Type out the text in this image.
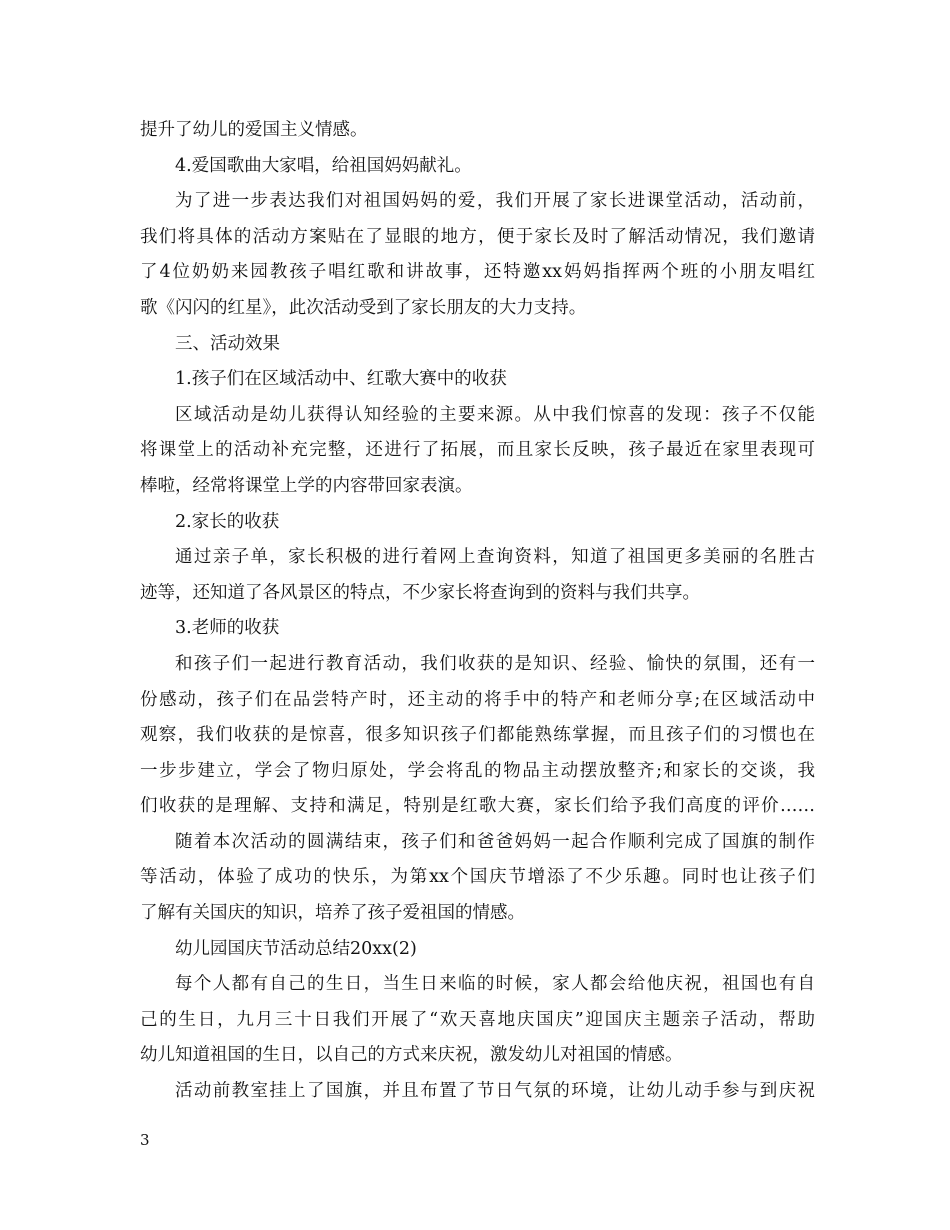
提升了幼儿的爱国主义情感。
4.爱国歌曲大家唱，给祖国妈妈献礼。
为了进一步表达我们对祖国妈妈的爱，我们开展了家长进课堂活动，活动前，
我们将具体的活动方案贴在了显眼的地方，便于家长及时了解活动情况，我们邀请
了4位奶奶来园教孩子唱红歌和讲故事，还特邀xx妈妈指挥两个班的小朋友唱红
歌《闪闪的红星》，此次活动受到了家长朋友的大力支持。
三、活动效果
1.孩子们在区域活动中、红歌大赛中的收获
区域活动是幼儿获得认知经验的主要来源。从中我们惊喜的发现：孩子不仅能
将课堂上的活动补充完整，还进行了拓展，而且家长反映，孩子最近在家里表现可
棒啦，经常将课堂上学的内容带回家表演。
2.家长的收获
通过亲子单，家长积极的进行着网上查询资料，知道了祖国更多美丽的名胜古
迹等，还知道了各风景区的特点，不少家长将查询到的资料与我们共享。
3.老师的收获
和孩子们一起进行教育活动，我们收获的是知识、经验、愉快的氛围，还有一
份感动，孩子们在品尝特产时，还主动的将手中的特产和老师分享;在区域活动中
观察，我们收获的是惊喜，很多知识孩子们都能熟练掌握，而且孩子们的习惯也在
一步步建立，学会了物归原处，学会将乱的物品主动摆放整齐;和家长的交谈，我
们收获的是理解、支持和满足，特别是红歌大赛，家长们给予我们高度的评价……
随着本次活动的圆满结束，孩子们和爸爸妈妈一起合作顺利完成了国旗的制作
等活动，体验了成功的快乐，为第xx个国庆节增添了不少乐趣。同时也让孩子们
了解有关国庆的知识，培养了孩子爱祖国的情感。
幼儿园国庆节活动总结20xx(2)
每个人都有自己的生日，当生日来临的时候，家人都会给他庆祝，祖国也有自
己的生日，九月三十日我们开展了“欢天喜地庆国庆”迎国庆主题亲子活动，帮助
幼儿知道祖国的生日，以自己的方式来庆祝，激发幼儿对祖国的情感。
活动前教室挂上了国旗，并且布置了节日气氛的环境，让幼儿动手参与到庆祝
3
